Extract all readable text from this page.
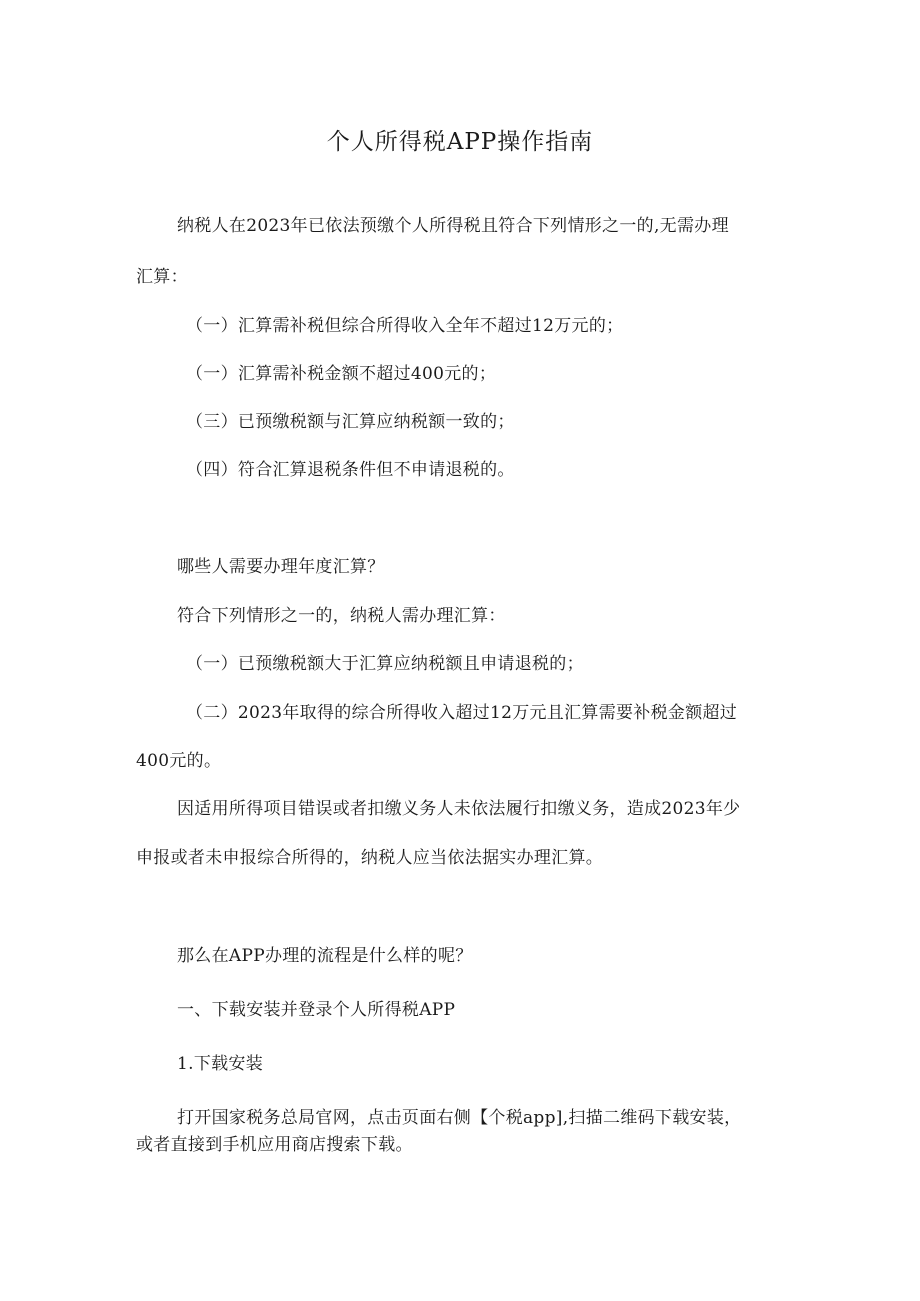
个人所得税APP操作指南
纳税人在2023年已依法预缴个人所得税且符合下列情形之一的,无需办理
汇算：
（一）汇算需补税但综合所得收入全年不超过12万元的；
（一）汇算需补税金额不超过400元的；
（三）已预缴税额与汇算应纳税额一致的；
（四）符合汇算退税条件但不申请退税的。
哪些人需要办理年度汇算？
符合下列情形之一的，纳税人需办理汇算：
（一）已预缴税额大于汇算应纳税额且申请退税的；
（二）2023年取得的综合所得收入超过12万元且汇算需要补税金额超过
400元的。
因适用所得项目错误或者扣缴义务人未依法履行扣缴义务，造成2023年少
申报或者未申报综合所得的，纳税人应当依法据实办理汇算。
那么在APP办理的流程是什么样的呢？
一、下载安装并登录个人所得税APP
1.下载安装
打开国家税务总局官网，点击页面右侧【个税app],扫描二维码下载安装，
或者直接到手机应用商店搜索下载。
